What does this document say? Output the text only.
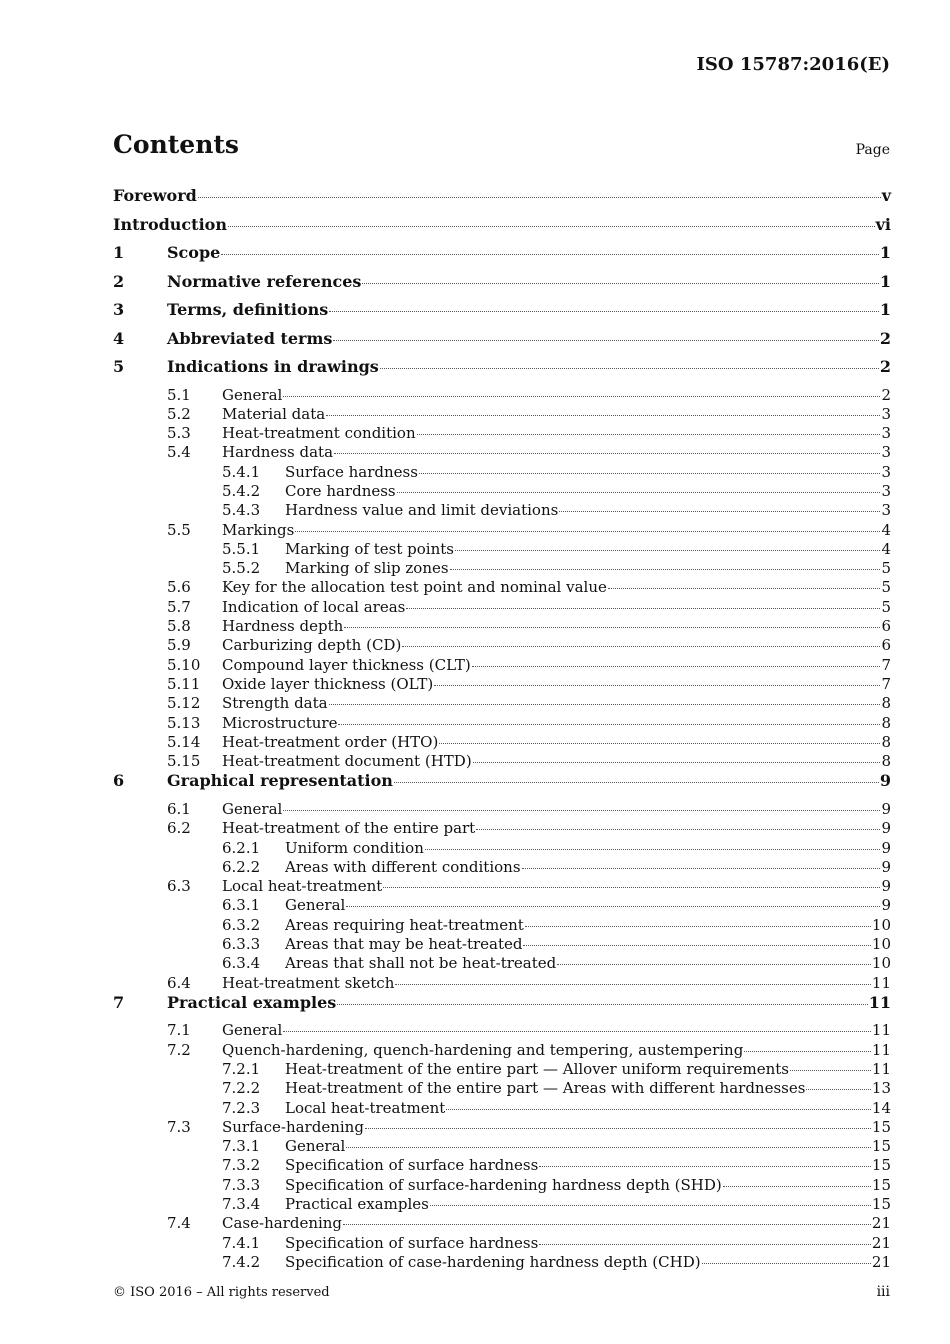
ISO 15787:2016(E)
Contents	Page
Foreword	v
Introduction	vi
1	Scope	1
2	Normative references	1
3	Terms, definitions	1
4	Abbreviated terms	2
5	Indications in drawings	2
5.1	General	2
5.2	Material data	3
5.3	Heat-treatment condition	3
5.4	Hardness data	3
5.4.1	Surface hardness	3
5.4.2	Core hardness	3
5.4.3	Hardness value and limit deviations	3
5.5	Markings	4
5.5.1	Marking of test points	4
5.5.2	Marking of slip zones	5
5.6	Key for the allocation test point and nominal value	5
5.7	Indication of local areas	5
5.8	Hardness depth	6
5.9	Carburizing depth (CD)	6
5.10	Compound layer thickness (CLT)	7
5.11	Oxide layer thickness (OLT)	7
5.12	Strength data	8
5.13	Microstructure	8
5.14	Heat-treatment order (HTO)	8
5.15	Heat-treatment document (HTD)	8
6	Graphical representation	9
6.1	General	9
6.2	Heat-treatment of the entire part	9
6.2.1	Uniform condition	9
6.2.2	Areas with different conditions	9
6.3	Local heat-treatment	9
6.3.1	General	9
6.3.2	Areas requiring heat-treatment	10
6.3.3	Areas that may be heat-treated	10
6.3.4	Areas that shall not be heat-treated	10
6.4	Heat-treatment sketch	11
7	Practical examples	11
7.1	General	11
7.2	Quench-hardening, quench-hardening and tempering, austempering	11
7.2.1	Heat-treatment of the entire part — Allover uniform requirements	11
7.2.2	Heat-treatment of the entire part — Areas with different hardnesses	13
7.2.3	Local heat-treatment	14
7.3	Surface-hardening	15
7.3.1	General	15
7.3.2	Specification of surface hardness	15
7.3.3	Specification of surface-hardening hardness depth (SHD)	15
7.3.4	Practical examples	15
7.4	Case-hardening	21
7.4.1	Specification of surface hardness	21
7.4.2	Specification of case-hardening hardness depth (CHD)	21
© ISO 2016 – All rights reserved	iii
